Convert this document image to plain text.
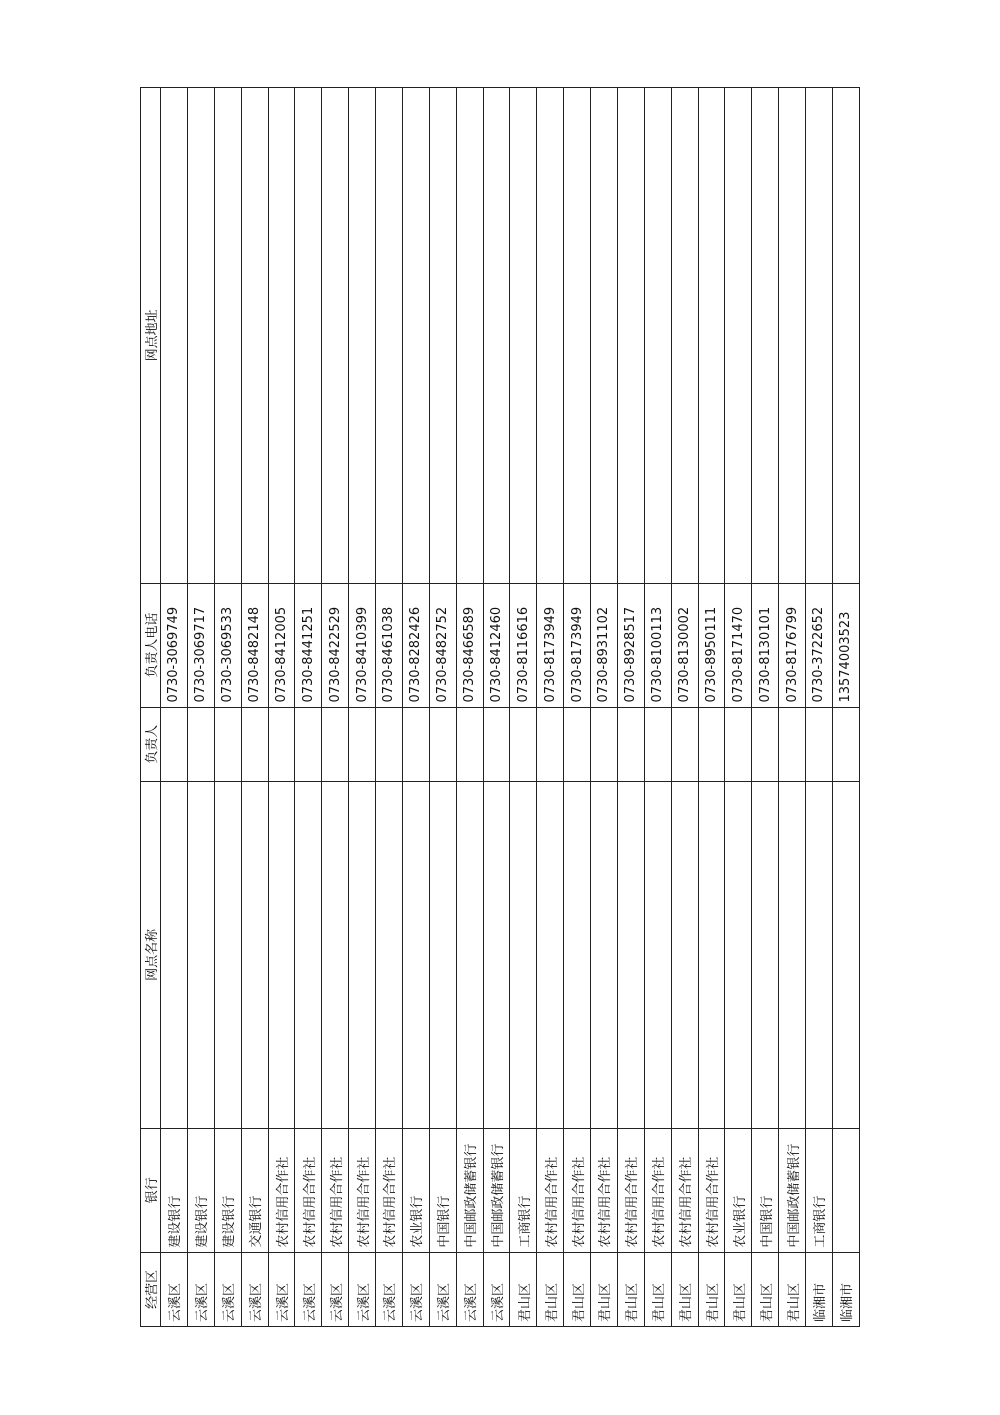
经营区	银行	网点名称	负责人	负责人电话	网点地址
云溪区	建设银行			0730-3069749	
云溪区	建设银行			0730-3069717	
云溪区	建设银行			0730-3069533	
云溪区	交通银行			0730-8482148	
云溪区	农村信用合作社			0730-8412005	
云溪区	农村信用合作社			0730-8441251	
云溪区	农村信用合作社			0730-8422529	
云溪区	农村信用合作社			0730-8410399	
云溪区	农村信用合作社			0730-8461038	
云溪区	农业银行			0730-8282426	
云溪区	中国银行			0730-8482752	
云溪区	中国邮政储蓄银行			0730-8466589	
云溪区	中国邮政储蓄银行			0730-8412460	
君山区	工商银行			0730-8116616	
君山区	农村信用合作社			0730-8173949	
君山区	农村信用合作社			0730-8173949	
君山区	农村信用合作社			0730-8931102	
君山区	农村信用合作社			0730-8928517	
君山区	农村信用合作社			0730-8100113	
君山区	农村信用合作社			0730-8130002	
君山区	农村信用合作社			0730-8950111	
君山区	农业银行			0730-8171470	
君山区	中国银行			0730-8130101	
君山区	中国邮政储蓄银行			0730-8176799	
临湘市	工商银行			0730-3722652	
临湘市				13574003523	
